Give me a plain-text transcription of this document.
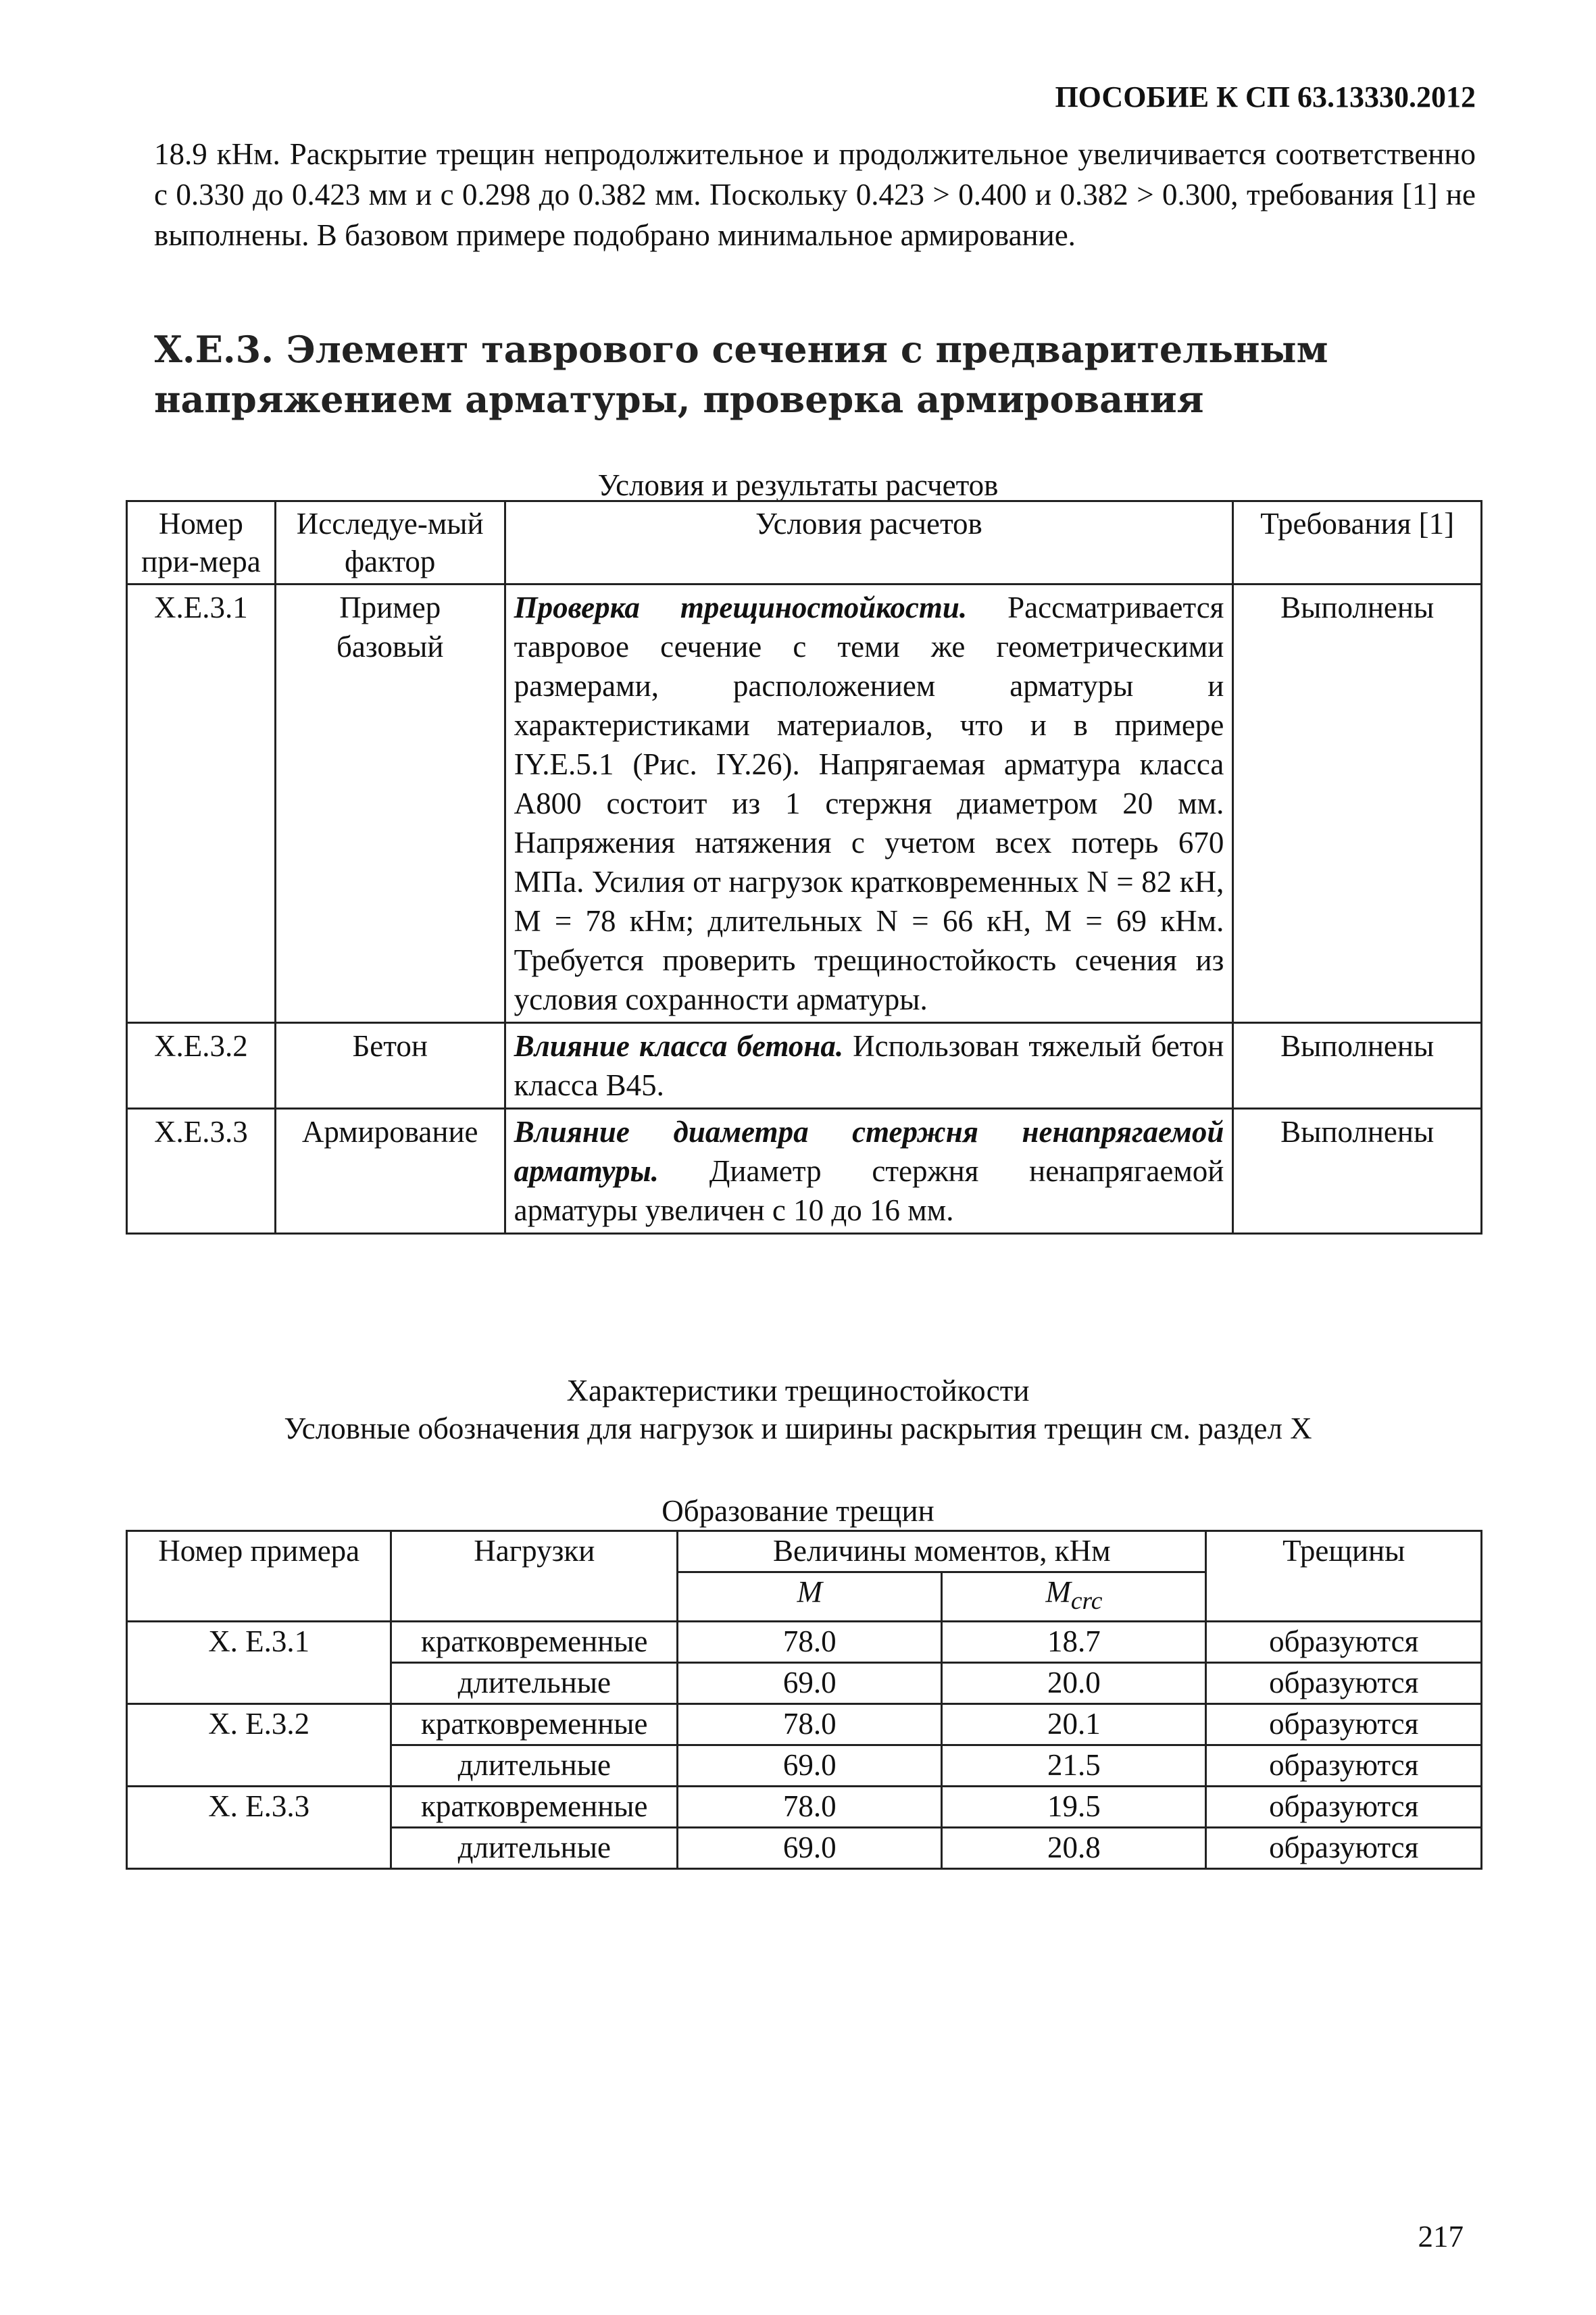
ПОСОБИЕ К СП 63.13330.2012

18.9 кНм. Раскрытие трещин непродолжительное и продолжительное увеличивается соответственно с 0.330 до 0.423 мм и с 0.298 до 0.382 мм. Поскольку 0.423 > 0.400 и 0.382 > 0.300, требования [1] не выполнены. В базовом примере подобрано минимальное армирование.

Х.Е.3. Элемент таврового сечения с предварительным напряжением арматуры, проверка армирования
Условия и результаты расчетов
Номер при-мера	Исследуе-мый фактор	Условия расчетов	Требования [1]
Х.Е.3.1	Пример базовый	Проверка трещиностойкости. Рассматривается тавровое сечение с теми же геометрическими размерами, расположением арматуры и характеристиками материалов, что и в примере IY.E.5.1 (Рис. IY.26). Напрягаемая арматура класса А800 состоит из 1 стержня диаметром 20 мм. Напряжения натяжения с учетом всех потерь 670 МПа. Усилия от нагрузок кратковременных N = 82 кН, М = 78 кНм; длительных N = 66 кН, М = 69 кНм. Требуется проверить трещиностойкость сечения из условия сохранности арматуры.	Выполнены
Х.Е.3.2	Бетон	Влияние класса бетона. Использован тяжелый бетон класса В45.	Выполнены
Х.Е.3.3	Армирование	Влияние диаметра стержня ненапрягаемой арматуры. Диаметр стержня ненапрягаемой арматуры увеличен с 10 до 16 мм.	Выполнены
Характеристики трещиностойкости
Условные обозначения для нагрузок и ширины раскрытия трещин см. раздел Х
Образование трещин
Номер примера	Нагрузки	Величины моментов, кНм		Трещины
		M	$M_{crc}$
Х. Е.3.1	кратковременные	78.0	18.7	образуются
	длительные	69.0	20.0	образуются
Х. Е.3.2	кратковременные	78.0	20.1	образуются
	длительные	69.0	21.5	образуются
Х. Е.3.3	кратковременные	78.0	19.5	образуются
	длительные	69.0	20.8	образуются
217
